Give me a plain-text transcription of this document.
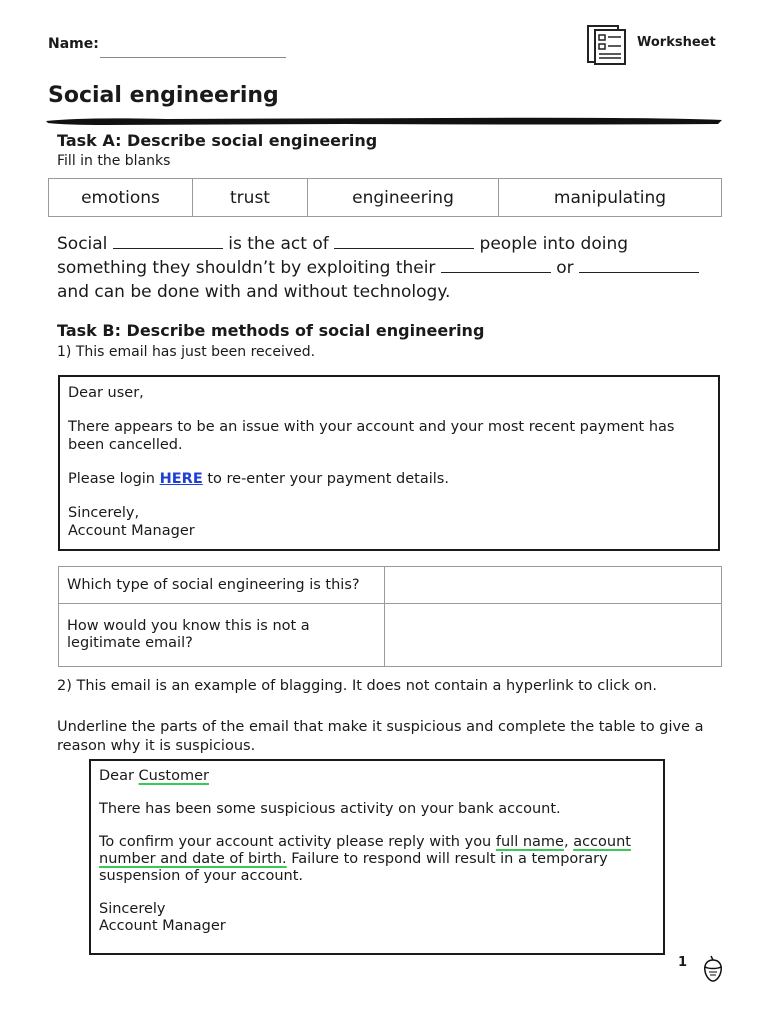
Name:	Worksheet
Social engineering
Task A: Describe social engineering
Fill in the blanks
emotions	trust	engineering	manipulating

Social	is the act of	people into doing
something they shouldn’t by exploiting their	or
and can be done with and without technology.

Task B: Describe methods of social engineering
1) This email has just been received.

Dear user,

There appears to be an issue with your account and your most recent payment has been cancelled.

Please login HERE to re-enter your payment details.

Sincerely,
Account Manager

Which type of social engineering is this?	
How would you know this is not a legitimate email?	

2) This email is an example of blagging. It does not contain a hyperlink to click on.

Underline the parts of the email that make it suspicious and complete the table to give a reason why it is suspicious.

Dear Customer

There has been some suspicious activity on your bank account.

To confirm your account activity please reply with you full name, account number and date of birth. Failure to respond will result in a temporary suspension of your account.

Sincerely
Account Manager

1
